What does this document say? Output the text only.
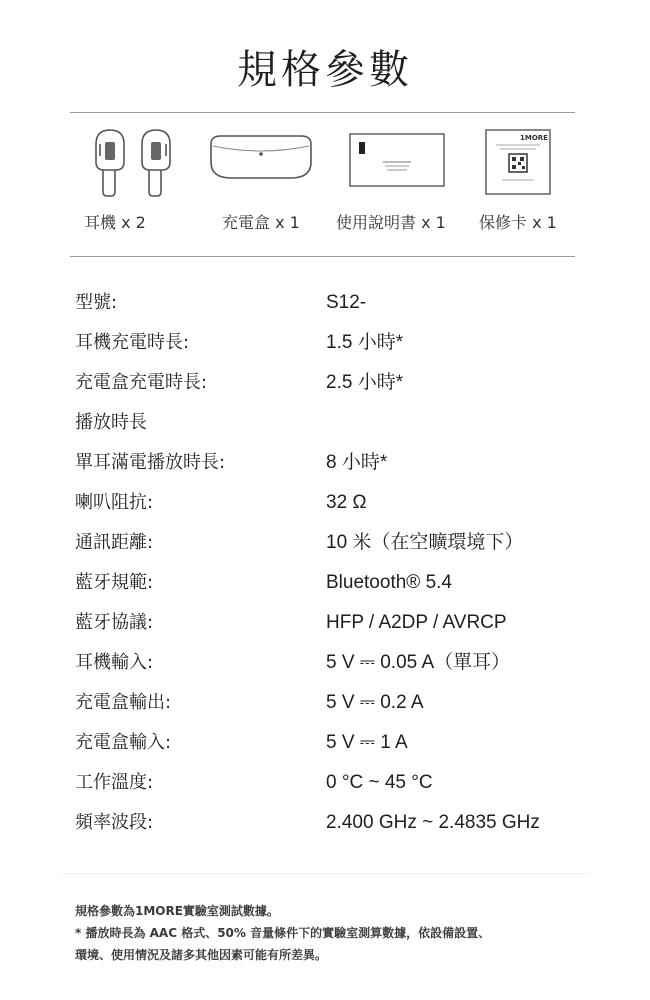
規格參數
耳機 x 2	充電盒 x 1 使用說明書 x 1
1MORE
保修卡 x 1
型號:	S12-
耳機充電時長:	1.5 小時*
充電盒充電時長:	2.5 小時*
播放時長
單耳滿電播放時長:	8 小時*
喇叭阻抗:	32 Ω
通訊距離:	10 米（在空曠環境下）
藍牙規範:	Bluetooth® 5.4
藍牙協議:	HFP / A2DP / AVRCP
耳機輸入:	5 V ⎓ 0.05 A（單耳）
充電盒輸出:	5 V ⎓ 0.2 A
充電盒輸入:	5 V ⎓ 1 A
工作溫度:	0 °C ~ 45 °C
頻率波段:	2.400 GHz ~ 2.4835 GHz
規格參數為1MORE實驗室測試數據。
* 播放時長為 AAC 格式、50% 音量條件下的實驗室測算數據，依設備設置、
環境、使用情況及諸多其他因素可能有所差異。
